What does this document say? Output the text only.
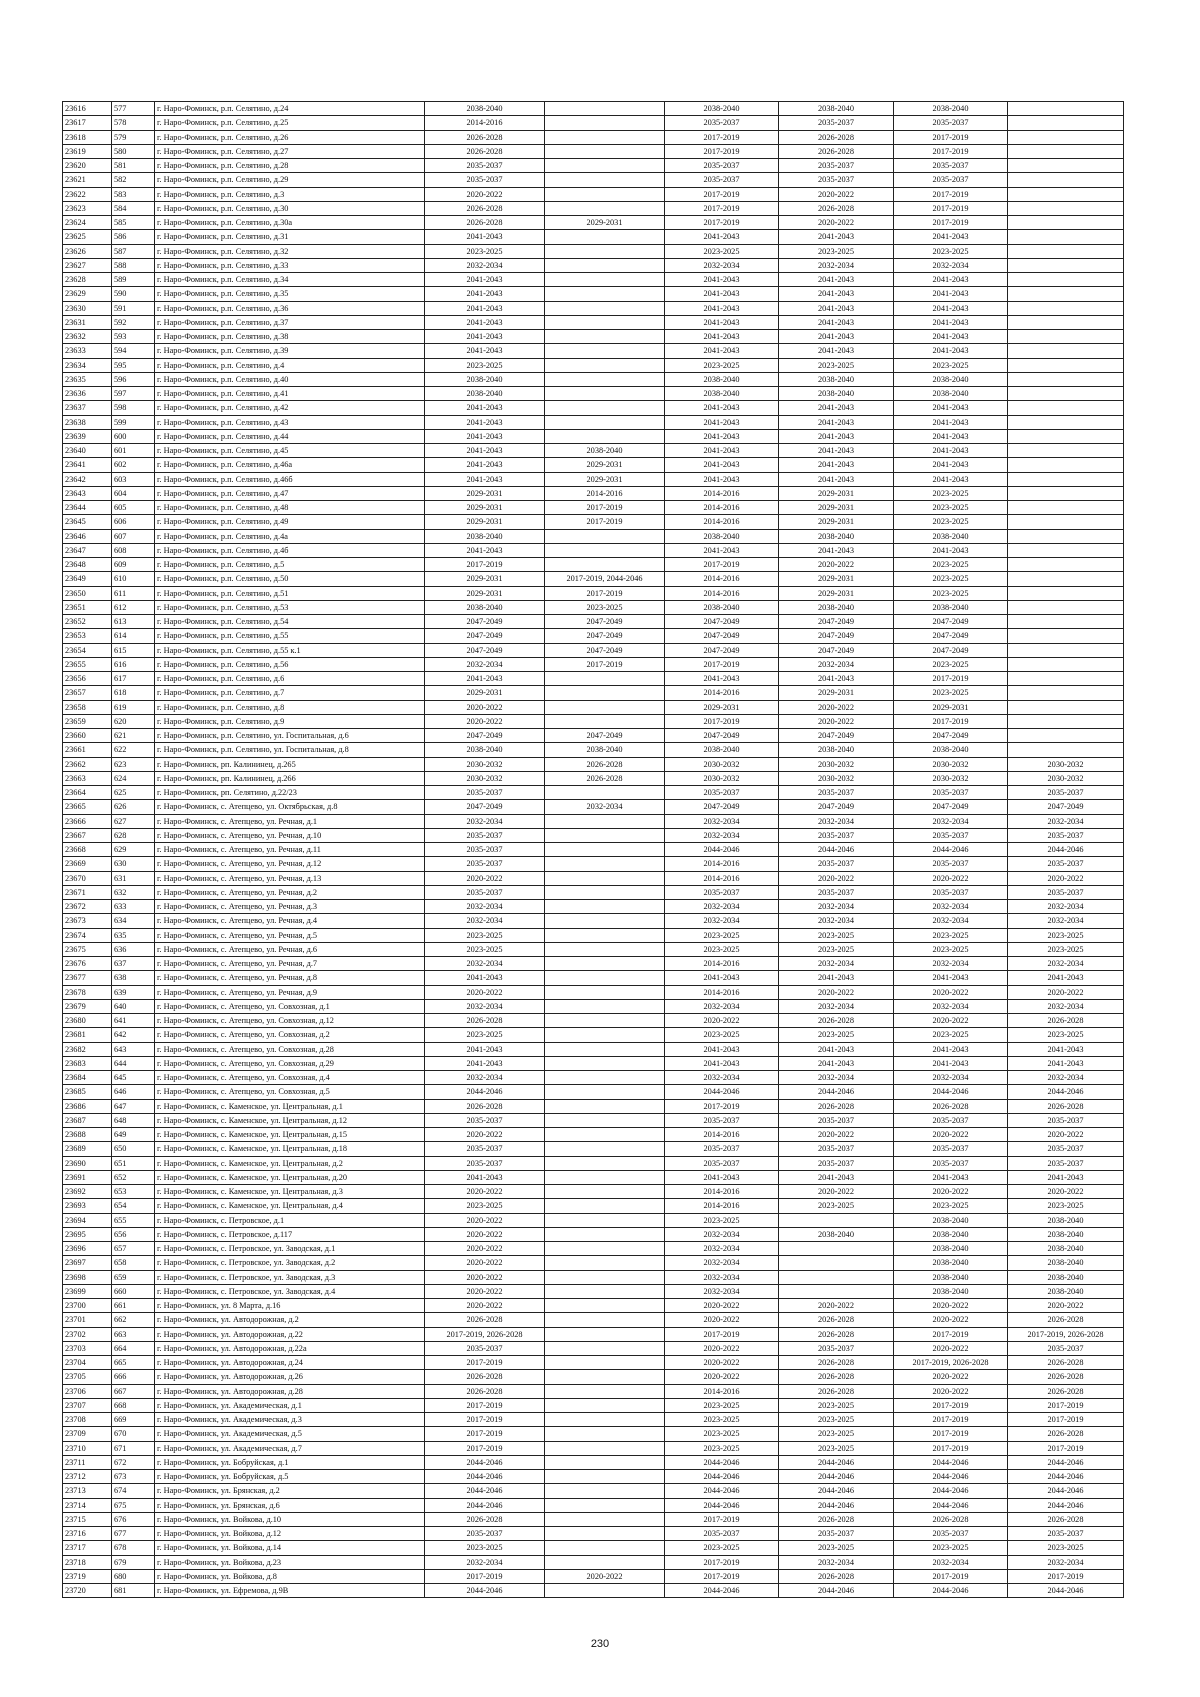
23616	577	г. Наро-Фоминск, р.п. Селятино, д.24	2038-2040		2038-2040	2038-2040	2038-2040	
23617	578	г. Наро-Фоминск, р.п. Селятино, д.25	2014-2016		2035-2037	2035-2037	2035-2037	
23618	579	г. Наро-Фоминск, р.п. Селятино, д.26	2026-2028		2017-2019	2026-2028	2017-2019	
23619	580	г. Наро-Фоминск, р.п. Селятино, д.27	2026-2028		2017-2019	2026-2028	2017-2019	
23620	581	г. Наро-Фоминск, р.п. Селятино, д.28	2035-2037		2035-2037	2035-2037	2035-2037	
23621	582	г. Наро-Фоминск, р.п. Селятино, д.29	2035-2037		2035-2037	2035-2037	2035-2037	
23622	583	г. Наро-Фоминск, р.п. Селятино, д.3	2020-2022		2017-2019	2020-2022	2017-2019	
23623	584	г. Наро-Фоминск, р.п. Селятино, д.30	2026-2028		2017-2019	2026-2028	2017-2019	
23624	585	г. Наро-Фоминск, р.п. Селятино, д.30а	2026-2028	2029-2031	2017-2019	2020-2022	2017-2019	
23625	586	г. Наро-Фоминск, р.п. Селятино, д.31	2041-2043		2041-2043	2041-2043	2041-2043	
23626	587	г. Наро-Фоминск, р.п. Селятино, д.32	2023-2025		2023-2025	2023-2025	2023-2025	
23627	588	г. Наро-Фоминск, р.п. Селятино, д.33	2032-2034		2032-2034	2032-2034	2032-2034	
23628	589	г. Наро-Фоминск, р.п. Селятино, д.34	2041-2043		2041-2043	2041-2043	2041-2043	
23629	590	г. Наро-Фоминск, р.п. Селятино, д.35	2041-2043		2041-2043	2041-2043	2041-2043	
23630	591	г. Наро-Фоминск, р.п. Селятино, д.36	2041-2043		2041-2043	2041-2043	2041-2043	
23631	592	г. Наро-Фоминск, р.п. Селятино, д.37	2041-2043		2041-2043	2041-2043	2041-2043	
23632	593	г. Наро-Фоминск, р.п. Селятино, д.38	2041-2043		2041-2043	2041-2043	2041-2043	
23633	594	г. Наро-Фоминск, р.п. Селятино, д.39	2041-2043		2041-2043	2041-2043	2041-2043	
23634	595	г. Наро-Фоминск, р.п. Селятино, д.4	2023-2025		2023-2025	2023-2025	2023-2025	
23635	596	г. Наро-Фоминск, р.п. Селятино, д.40	2038-2040		2038-2040	2038-2040	2038-2040	
23636	597	г. Наро-Фоминск, р.п. Селятино, д.41	2038-2040		2038-2040	2038-2040	2038-2040	
23637	598	г. Наро-Фоминск, р.п. Селятино, д.42	2041-2043		2041-2043	2041-2043	2041-2043	
23638	599	г. Наро-Фоминск, р.п. Селятино, д.43	2041-2043		2041-2043	2041-2043	2041-2043	
23639	600	г. Наро-Фоминск, р.п. Селятино, д.44	2041-2043		2041-2043	2041-2043	2041-2043	
23640	601	г. Наро-Фоминск, р.п. Селятино, д.45	2041-2043	2038-2040	2041-2043	2041-2043	2041-2043	
23641	602	г. Наро-Фоминск, р.п. Селятино, д.46а	2041-2043	2029-2031	2041-2043	2041-2043	2041-2043	
23642	603	г. Наро-Фоминск, р.п. Селятино, д.46б	2041-2043	2029-2031	2041-2043	2041-2043	2041-2043	
23643	604	г. Наро-Фоминск, р.п. Селятино, д.47	2029-2031	2014-2016	2014-2016	2029-2031	2023-2025	
23644	605	г. Наро-Фоминск, р.п. Селятино, д.48	2029-2031	2017-2019	2014-2016	2029-2031	2023-2025	
23645	606	г. Наро-Фоминск, р.п. Селятино, д.49	2029-2031	2017-2019	2014-2016	2029-2031	2023-2025	
23646	607	г. Наро-Фоминск, р.п. Селятино, д.4а	2038-2040		2038-2040	2038-2040	2038-2040	
23647	608	г. Наро-Фоминск, р.п. Селятино, д.4б	2041-2043		2041-2043	2041-2043	2041-2043	
23648	609	г. Наро-Фоминск, р.п. Селятино, д.5	2017-2019		2017-2019	2020-2022	2023-2025	
23649	610	г. Наро-Фоминск, р.п. Селятино, д.50	2029-2031	2017-2019, 2044-2046	2014-2016	2029-2031	2023-2025	
23650	611	г. Наро-Фоминск, р.п. Селятино, д.51	2029-2031	2017-2019	2014-2016	2029-2031	2023-2025	
23651	612	г. Наро-Фоминск, р.п. Селятино, д.53	2038-2040	2023-2025	2038-2040	2038-2040	2038-2040	
23652	613	г. Наро-Фоминск, р.п. Селятино, д.54	2047-2049	2047-2049	2047-2049	2047-2049	2047-2049	
23653	614	г. Наро-Фоминск, р.п. Селятино, д.55	2047-2049	2047-2049	2047-2049	2047-2049	2047-2049	
23654	615	г. Наро-Фоминск, р.п. Селятино, д.55 к.1	2047-2049	2047-2049	2047-2049	2047-2049	2047-2049	
23655	616	г. Наро-Фоминск, р.п. Селятино, д.56	2032-2034	2017-2019	2017-2019	2032-2034	2023-2025	
23656	617	г. Наро-Фоминск, р.п. Селятино, д.6	2041-2043		2041-2043	2041-2043	2017-2019	
23657	618	г. Наро-Фоминск, р.п. Селятино, д.7	2029-2031		2014-2016	2029-2031	2023-2025	
23658	619	г. Наро-Фоминск, р.п. Селятино, д.8	2020-2022		2029-2031	2020-2022	2029-2031	
23659	620	г. Наро-Фоминск, р.п. Селятино, д.9	2020-2022		2017-2019	2020-2022	2017-2019	
23660	621	г. Наро-Фоминск, р.п. Селятино, ул. Госпитальная, д.6	2047-2049	2047-2049	2047-2049	2047-2049	2047-2049	
23661	622	г. Наро-Фоминск, р.п. Селятино, ул. Госпитальная, д.8	2038-2040	2038-2040	2038-2040	2038-2040	2038-2040	
23662	623	г. Наро-Фоминск, рп. Калининец, д.265	2030-2032	2026-2028	2030-2032	2030-2032	2030-2032	2030-2032
23663	624	г. Наро-Фоминск, рп. Калининец, д.266	2030-2032	2026-2028	2030-2032	2030-2032	2030-2032	2030-2032
23664	625	г. Наро-Фоминск, рп. Селятино, д.22/23	2035-2037		2035-2037	2035-2037	2035-2037	2035-2037
23665	626	г. Наро-Фоминск, с. Атепцево, ул. Октябрьская, д.8	2047-2049	2032-2034	2047-2049	2047-2049	2047-2049	2047-2049
23666	627	г. Наро-Фоминск, с. Атепцево, ул. Речная, д.1	2032-2034		2032-2034	2032-2034	2032-2034	2032-2034
23667	628	г. Наро-Фоминск, с. Атепцево, ул. Речная, д.10	2035-2037		2032-2034	2035-2037	2035-2037	2035-2037
23668	629	г. Наро-Фоминск, с. Атепцево, ул. Речная, д.11	2035-2037		2044-2046	2044-2046	2044-2046	2044-2046
23669	630	г. Наро-Фоминск, с. Атепцево, ул. Речная, д.12	2035-2037		2014-2016	2035-2037	2035-2037	2035-2037
23670	631	г. Наро-Фоминск, с. Атепцево, ул. Речная, д.13	2020-2022		2014-2016	2020-2022	2020-2022	2020-2022
23671	632	г. Наро-Фоминск, с. Атепцево, ул. Речная, д.2	2035-2037		2035-2037	2035-2037	2035-2037	2035-2037
23672	633	г. Наро-Фоминск, с. Атепцево, ул. Речная, д.3	2032-2034		2032-2034	2032-2034	2032-2034	2032-2034
23673	634	г. Наро-Фоминск, с. Атепцево, ул. Речная, д.4	2032-2034		2032-2034	2032-2034	2032-2034	2032-2034
23674	635	г. Наро-Фоминск, с. Атепцево, ул. Речная, д.5	2023-2025		2023-2025	2023-2025	2023-2025	2023-2025
23675	636	г. Наро-Фоминск, с. Атепцево, ул. Речная, д.6	2023-2025		2023-2025	2023-2025	2023-2025	2023-2025
23676	637	г. Наро-Фоминск, с. Атепцево, ул. Речная, д.7	2032-2034		2014-2016	2032-2034	2032-2034	2032-2034
23677	638	г. Наро-Фоминск, с. Атепцево, ул. Речная, д.8	2041-2043		2041-2043	2041-2043	2041-2043	2041-2043
23678	639	г. Наро-Фоминск, с. Атепцево, ул. Речная, д.9	2020-2022		2014-2016	2020-2022	2020-2022	2020-2022
23679	640	г. Наро-Фоминск, с. Атепцево, ул. Совхозная, д.1	2032-2034		2032-2034	2032-2034	2032-2034	2032-2034
23680	641	г. Наро-Фоминск, с. Атепцево, ул. Совхозная, д.12	2026-2028		2020-2022	2026-2028	2020-2022	2026-2028
23681	642	г. Наро-Фоминск, с. Атепцево, ул. Совхозная, д.2	2023-2025		2023-2025	2023-2025	2023-2025	2023-2025
23682	643	г. Наро-Фоминск, с. Атепцево, ул. Совхозная, д.28	2041-2043		2041-2043	2041-2043	2041-2043	2041-2043
23683	644	г. Наро-Фоминск, с. Атепцево, ул. Совхозная, д.29	2041-2043		2041-2043	2041-2043	2041-2043	2041-2043
23684	645	г. Наро-Фоминск, с. Атепцево, ул. Совхозная, д.4	2032-2034		2032-2034	2032-2034	2032-2034	2032-2034
23685	646	г. Наро-Фоминск, с. Атепцево, ул. Совхозная, д.5	2044-2046		2044-2046	2044-2046	2044-2046	2044-2046
23686	647	г. Наро-Фоминск, с. Каменское, ул. Центральная, д.1	2026-2028		2017-2019	2026-2028	2026-2028	2026-2028
23687	648	г. Наро-Фоминск, с. Каменское, ул. Центральная, д.12	2035-2037		2035-2037	2035-2037	2035-2037	2035-2037
23688	649	г. Наро-Фоминск, с. Каменское, ул. Центральная, д.15	2020-2022		2014-2016	2020-2022	2020-2022	2020-2022
23689	650	г. Наро-Фоминск, с. Каменское, ул. Центральная, д.18	2035-2037		2035-2037	2035-2037	2035-2037	2035-2037
23690	651	г. Наро-Фоминск, с. Каменское, ул. Центральная, д.2	2035-2037		2035-2037	2035-2037	2035-2037	2035-2037
23691	652	г. Наро-Фоминск, с. Каменское, ул. Центральная, д.20	2041-2043		2041-2043	2041-2043	2041-2043	2041-2043
23692	653	г. Наро-Фоминск, с. Каменское, ул. Центральная, д.3	2020-2022		2014-2016	2020-2022	2020-2022	2020-2022
23693	654	г. Наро-Фоминск, с. Каменское, ул. Центральная, д.4	2023-2025		2014-2016	2023-2025	2023-2025	2023-2025
23694	655	г. Наро-Фоминск, с. Петровское, д.1	2020-2022		2023-2025		2038-2040	2038-2040
23695	656	г. Наро-Фоминск, с. Петровское, д.117	2020-2022		2032-2034	2038-2040	2038-2040	2038-2040
23696	657	г. Наро-Фоминск, с. Петровское, ул. Заводская, д.1	2020-2022		2032-2034		2038-2040	2038-2040
23697	658	г. Наро-Фоминск, с. Петровское, ул. Заводская, д.2	2020-2022		2032-2034		2038-2040	2038-2040
23698	659	г. Наро-Фоминск, с. Петровское, ул. Заводская, д.3	2020-2022		2032-2034		2038-2040	2038-2040
23699	660	г. Наро-Фоминск, с. Петровское, ул. Заводская, д.4	2020-2022		2032-2034		2038-2040	2038-2040
23700	661	г. Наро-Фоминск, ул. 8 Марта, д.16	2020-2022		2020-2022	2020-2022	2020-2022	2020-2022
23701	662	г. Наро-Фоминск, ул. Автодорожная, д.2	2026-2028		2020-2022	2026-2028	2020-2022	2026-2028
23702	663	г. Наро-Фоминск, ул. Автодорожная, д.22	2017-2019, 2026-2028		2017-2019	2026-2028	2017-2019	2017-2019, 2026-2028
23703	664	г. Наро-Фоминск, ул. Автодорожная, д.22а	2035-2037		2020-2022	2035-2037	2020-2022	2035-2037
23704	665	г. Наро-Фоминск, ул. Автодорожная, д.24	2017-2019		2020-2022	2026-2028	2017-2019, 2026-2028	2026-2028
23705	666	г. Наро-Фоминск, ул. Автодорожная, д.26	2026-2028		2020-2022	2026-2028	2020-2022	2026-2028
23706	667	г. Наро-Фоминск, ул. Автодорожная, д.28	2026-2028		2014-2016	2026-2028	2020-2022	2026-2028
23707	668	г. Наро-Фоминск, ул. Академическая, д.1	2017-2019		2023-2025	2023-2025	2017-2019	2017-2019
23708	669	г. Наро-Фоминск, ул. Академическая, д.3	2017-2019		2023-2025	2023-2025	2017-2019	2017-2019
23709	670	г. Наро-Фоминск, ул. Академическая, д.5	2017-2019		2023-2025	2023-2025	2017-2019	2026-2028
23710	671	г. Наро-Фоминск, ул. Академическая, д.7	2017-2019		2023-2025	2023-2025	2017-2019	2017-2019
23711	672	г. Наро-Фоминск, ул. Бобруйская, д.1	2044-2046		2044-2046	2044-2046	2044-2046	2044-2046
23712	673	г. Наро-Фоминск, ул. Бобруйская, д.5	2044-2046		2044-2046	2044-2046	2044-2046	2044-2046
23713	674	г. Наро-Фоминск, ул. Брянская, д.2	2044-2046		2044-2046	2044-2046	2044-2046	2044-2046
23714	675	г. Наро-Фоминск, ул. Брянская, д.6	2044-2046		2044-2046	2044-2046	2044-2046	2044-2046
23715	676	г. Наро-Фоминск, ул. Войкова, д.10	2026-2028		2017-2019	2026-2028	2026-2028	2026-2028
23716	677	г. Наро-Фоминск, ул. Войкова, д.12	2035-2037		2035-2037	2035-2037	2035-2037	2035-2037
23717	678	г. Наро-Фоминск, ул. Войкова, д.14	2023-2025		2023-2025	2023-2025	2023-2025	2023-2025
23718	679	г. Наро-Фоминск, ул. Войкова, д.23	2032-2034		2017-2019	2032-2034	2032-2034	2032-2034
23719	680	г. Наро-Фоминск, ул. Войкова, д.8	2017-2019	2020-2022	2017-2019	2026-2028	2017-2019	2017-2019
23720	681	г. Наро-Фоминск, ул. Ефремова, д.9В	2044-2046		2044-2046	2044-2046	2044-2046	2044-2046
230
